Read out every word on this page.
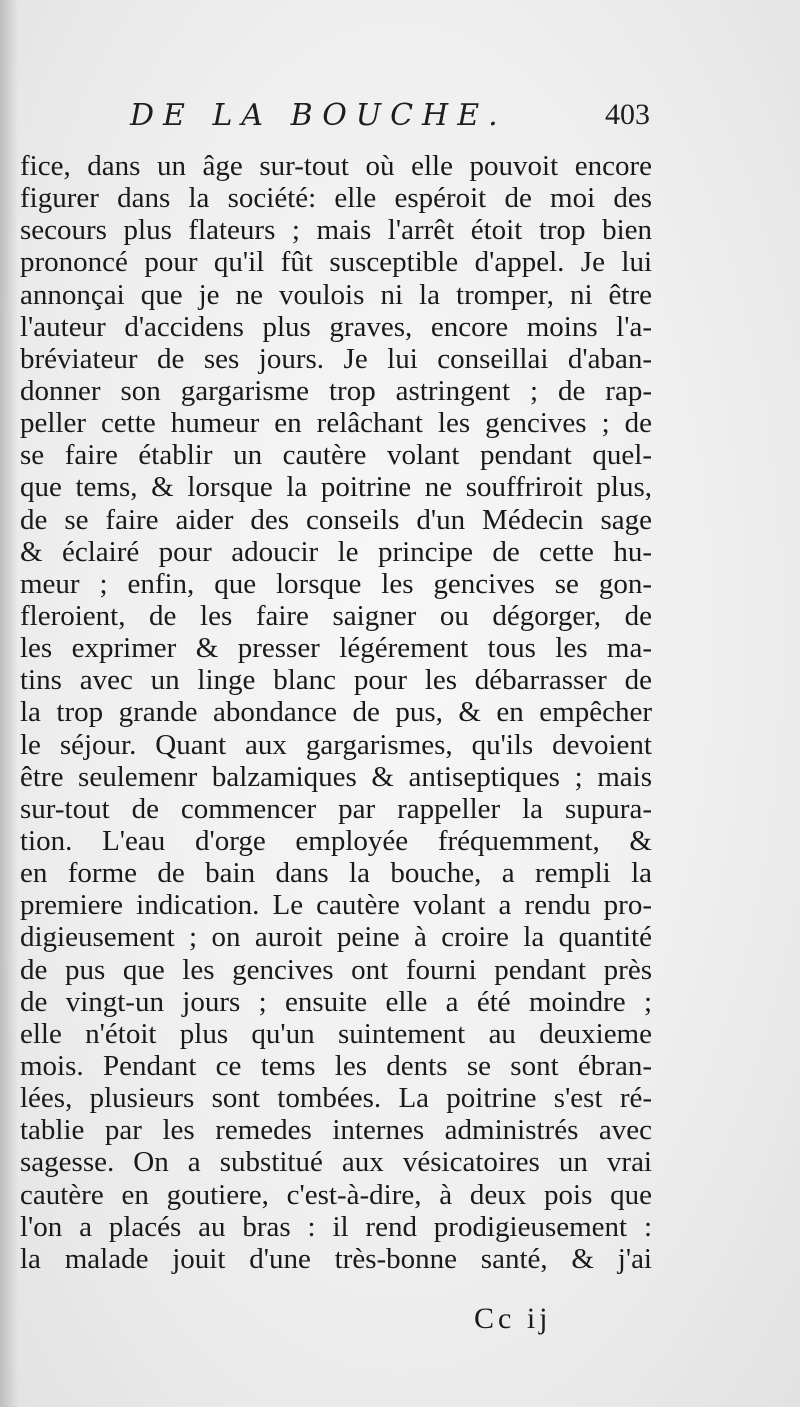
DE LA BOUCHE.	403
fice, dans un âge sur-tout où elle pouvoit encore
figurer dans la société: elle espéroit de moi des
secours plus flateurs ; mais l'arrêt étoit trop bien
prononcé pour qu'il fût susceptible d'appel. Je lui
annonçai que je ne voulois ni la tromper, ni être
l'auteur d'accidens plus graves, encore moins l'a-
bréviateur de ses jours. Je lui conseillai d'aban-
donner son gargarisme trop astringent ; de rap-
peller cette humeur en relâchant les gencives ; de
se faire établir un cautère volant pendant quel-
que tems, & lorsque la poitrine ne souffriroit plus,
de se faire aider des conseils d'un Médecin sage
& éclairé pour adoucir le principe de cette hu-
meur ; enfin, que lorsque les gencives se gon-
fleroient, de les faire saigner ou dégorger, de
les exprimer & presser légérement tous les ma-
tins avec un linge blanc pour les débarrasser de
la trop grande abondance de pus, & en empêcher
le séjour. Quant aux gargarismes, qu'ils devoient
être seulemenr balzamiques & antiseptiques ; mais
sur-tout de commencer par rappeller la supura-
tion. L'eau d'orge employée fréquemment, &
en forme de bain dans la bouche, a rempli la
premiere indication. Le cautère volant a rendu pro-
digieusement ; on auroit peine à croire la quantité
de pus que les gencives ont fourni pendant près
de vingt-un jours ; ensuite elle a été moindre ;
elle n'étoit plus qu'un suintement au deuxieme
mois. Pendant ce tems les dents se sont ébran-
lées, plusieurs sont tombées. La poitrine s'est ré-
tablie par les remedes internes administrés avec
sagesse. On a substitué aux vésicatoires un vrai
cautère en goutiere, c'est-à-dire, à deux pois que
l'on a placés au bras : il rend prodigieusement :
la malade jouit d'une très-bonne santé, & j'ai
Cc ij
